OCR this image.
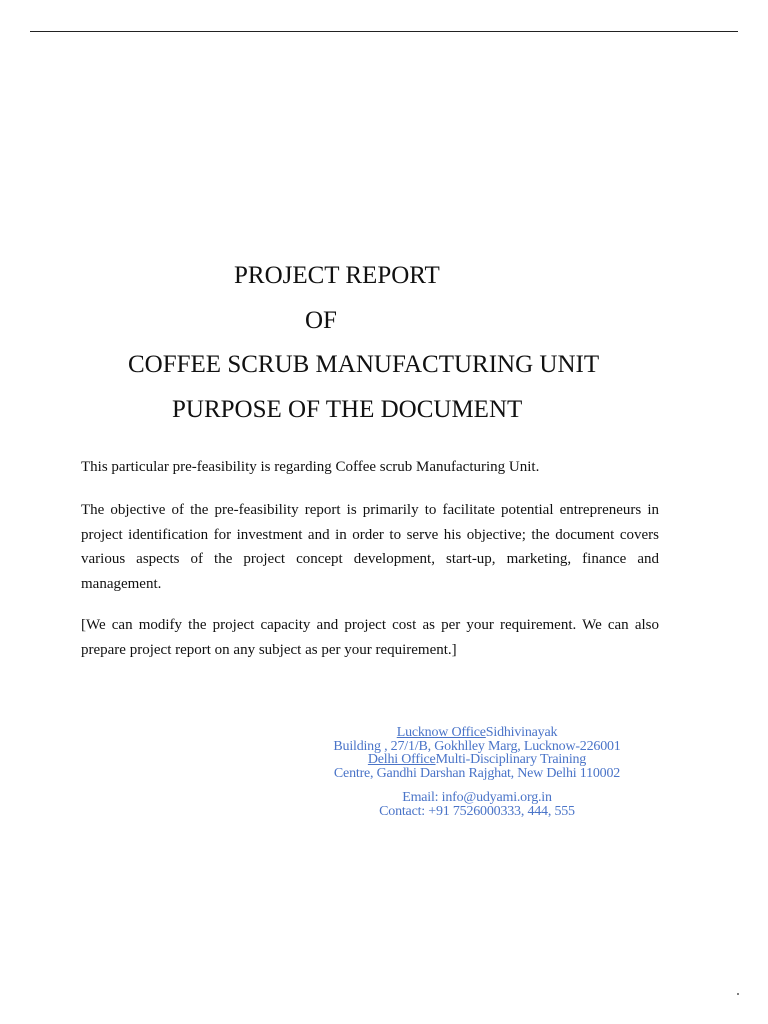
PROJECT REPORT
OF
COFFEE SCRUB MANUFACTURING UNIT
PURPOSE OF THE DOCUMENT

This particular pre-feasibility is regarding Coffee scrub Manufacturing Unit.

The objective of the pre-feasibility report is primarily to facilitate potential entrepreneurs in project identification for investment and in order to serve his objective; the document covers various aspects of the project concept development, start-up, marketing, finance and management.

[We can modify the project capacity and project cost as per your requirement. We can also prepare project report on any subject as per your requirement.]

Lucknow OfficeSidhivinayak
Building , 27/1/B, Gokhlley Marg, Lucknow-226001
Delhi OfficeMulti-Disciplinary Training
Centre, Gandhi Darshan Rajghat, New Delhi 110002
Email: info@udyami.org.in
Contact: +91 7526000333, 444, 555
